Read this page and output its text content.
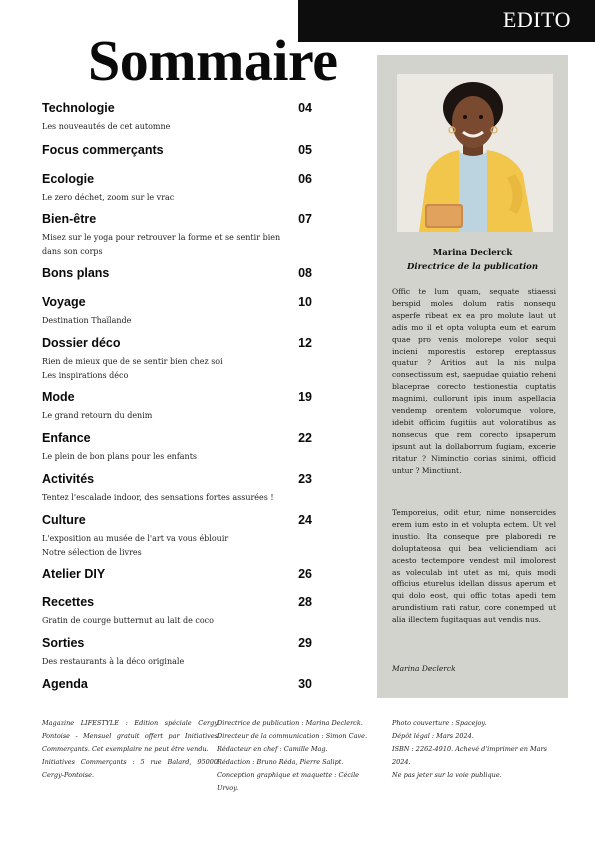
EDITO
Sommaire
Technologie	04
Les nouveautés de cet automne
Focus commerçants	05
Ecologie	06
Le zero déchet, zoom sur le vrac
Bien-être	07
Misez sur le yoga pour retrouver la forme et se sentir bien dans son corps
Bons plans	08
Voyage	10
Destination Thaïlande
Dossier déco	12
Rien de mieux que de se sentir bien chez soi
Les inspirations déco
Mode	19
Le grand retourn du denim
Enfance	22
Le plein de bon plans pour les enfants
Activités	23
Tentez l'escalade indoor, des sensations fortes assurées !
Culture	24
L'exposition au musée de l'art va vous éblouir
Notre sélection de livres
Atelier DIY	26
Recettes	28
Gratin de courge butternut au lait de coco
Sorties	29
Des restaurants à la déco originale
Agenda	30
Marina Declerck
Directrice de la publication
Offic te lum quam, sequate stiaessi berspid moles dolum ratis nonsequ asperfe ribeat ex ea pro molute laut ut adis mo il et opta volupta eum et earum quae pro venis molorepe volor sequi incieni mporestis estorep ereptassus quatur ? Aritios aut la nis nulpa consectissum est, saepudae quiatio reheni blaceprae corecto testionestia cuptatis magnimi, cullorunt ipis inum aspellacia vendemp orentem volorumque volore, idebit officim fugitiis aut voloratibus as nonsecus que rem corecto ipsaperum ipsunt aut la dollaborrum fugiam, excerie ritatur ? Niminctio corias sinimi, officid untur ? Minctiunt.
Temporeius, odit etur, nime nonsercides erem ium esto in et volupta ectem. Ut vel inustio. Ita conseque pre plaboredi re doluptateosa qui bea veliciendiam aci acesto tectempore vendest mil imolorest as voleculab int utet as mi, quis modi officius eturelus idellan dissus aperum et qui dolo eost, qui offic totas apedi tem arundistium rati ratur, core conemped ut alia illectem fugitaquas aut vendis nus.
Marina Declerck
Magazine LIFESTYLE : Edition spéciale Cergy Pontoise - Mensuel gratuit offert par Initiatives Commerçants. Cet exemplaire ne peut être vendu.
Initiatives Commerçants : 5 rue Balard, 95000 Cergy-Pontoise.
Directrice de publication : Marina Declerck.
Directeur de la communication : Simon Cave.
Rédacteur en chef : Camille Mag.
Rédaction : Bruno Réda, Pierre Salipt.
Conception graphique et maquette : Cécile Urvoy.
Photo couverture : Spacejoy.
Dépôt légal : Mars 2024.
ISBN : 2262-4910. Achevé d'imprimer en Mars 2024.
Ne pas jeter sur la voie publique.
